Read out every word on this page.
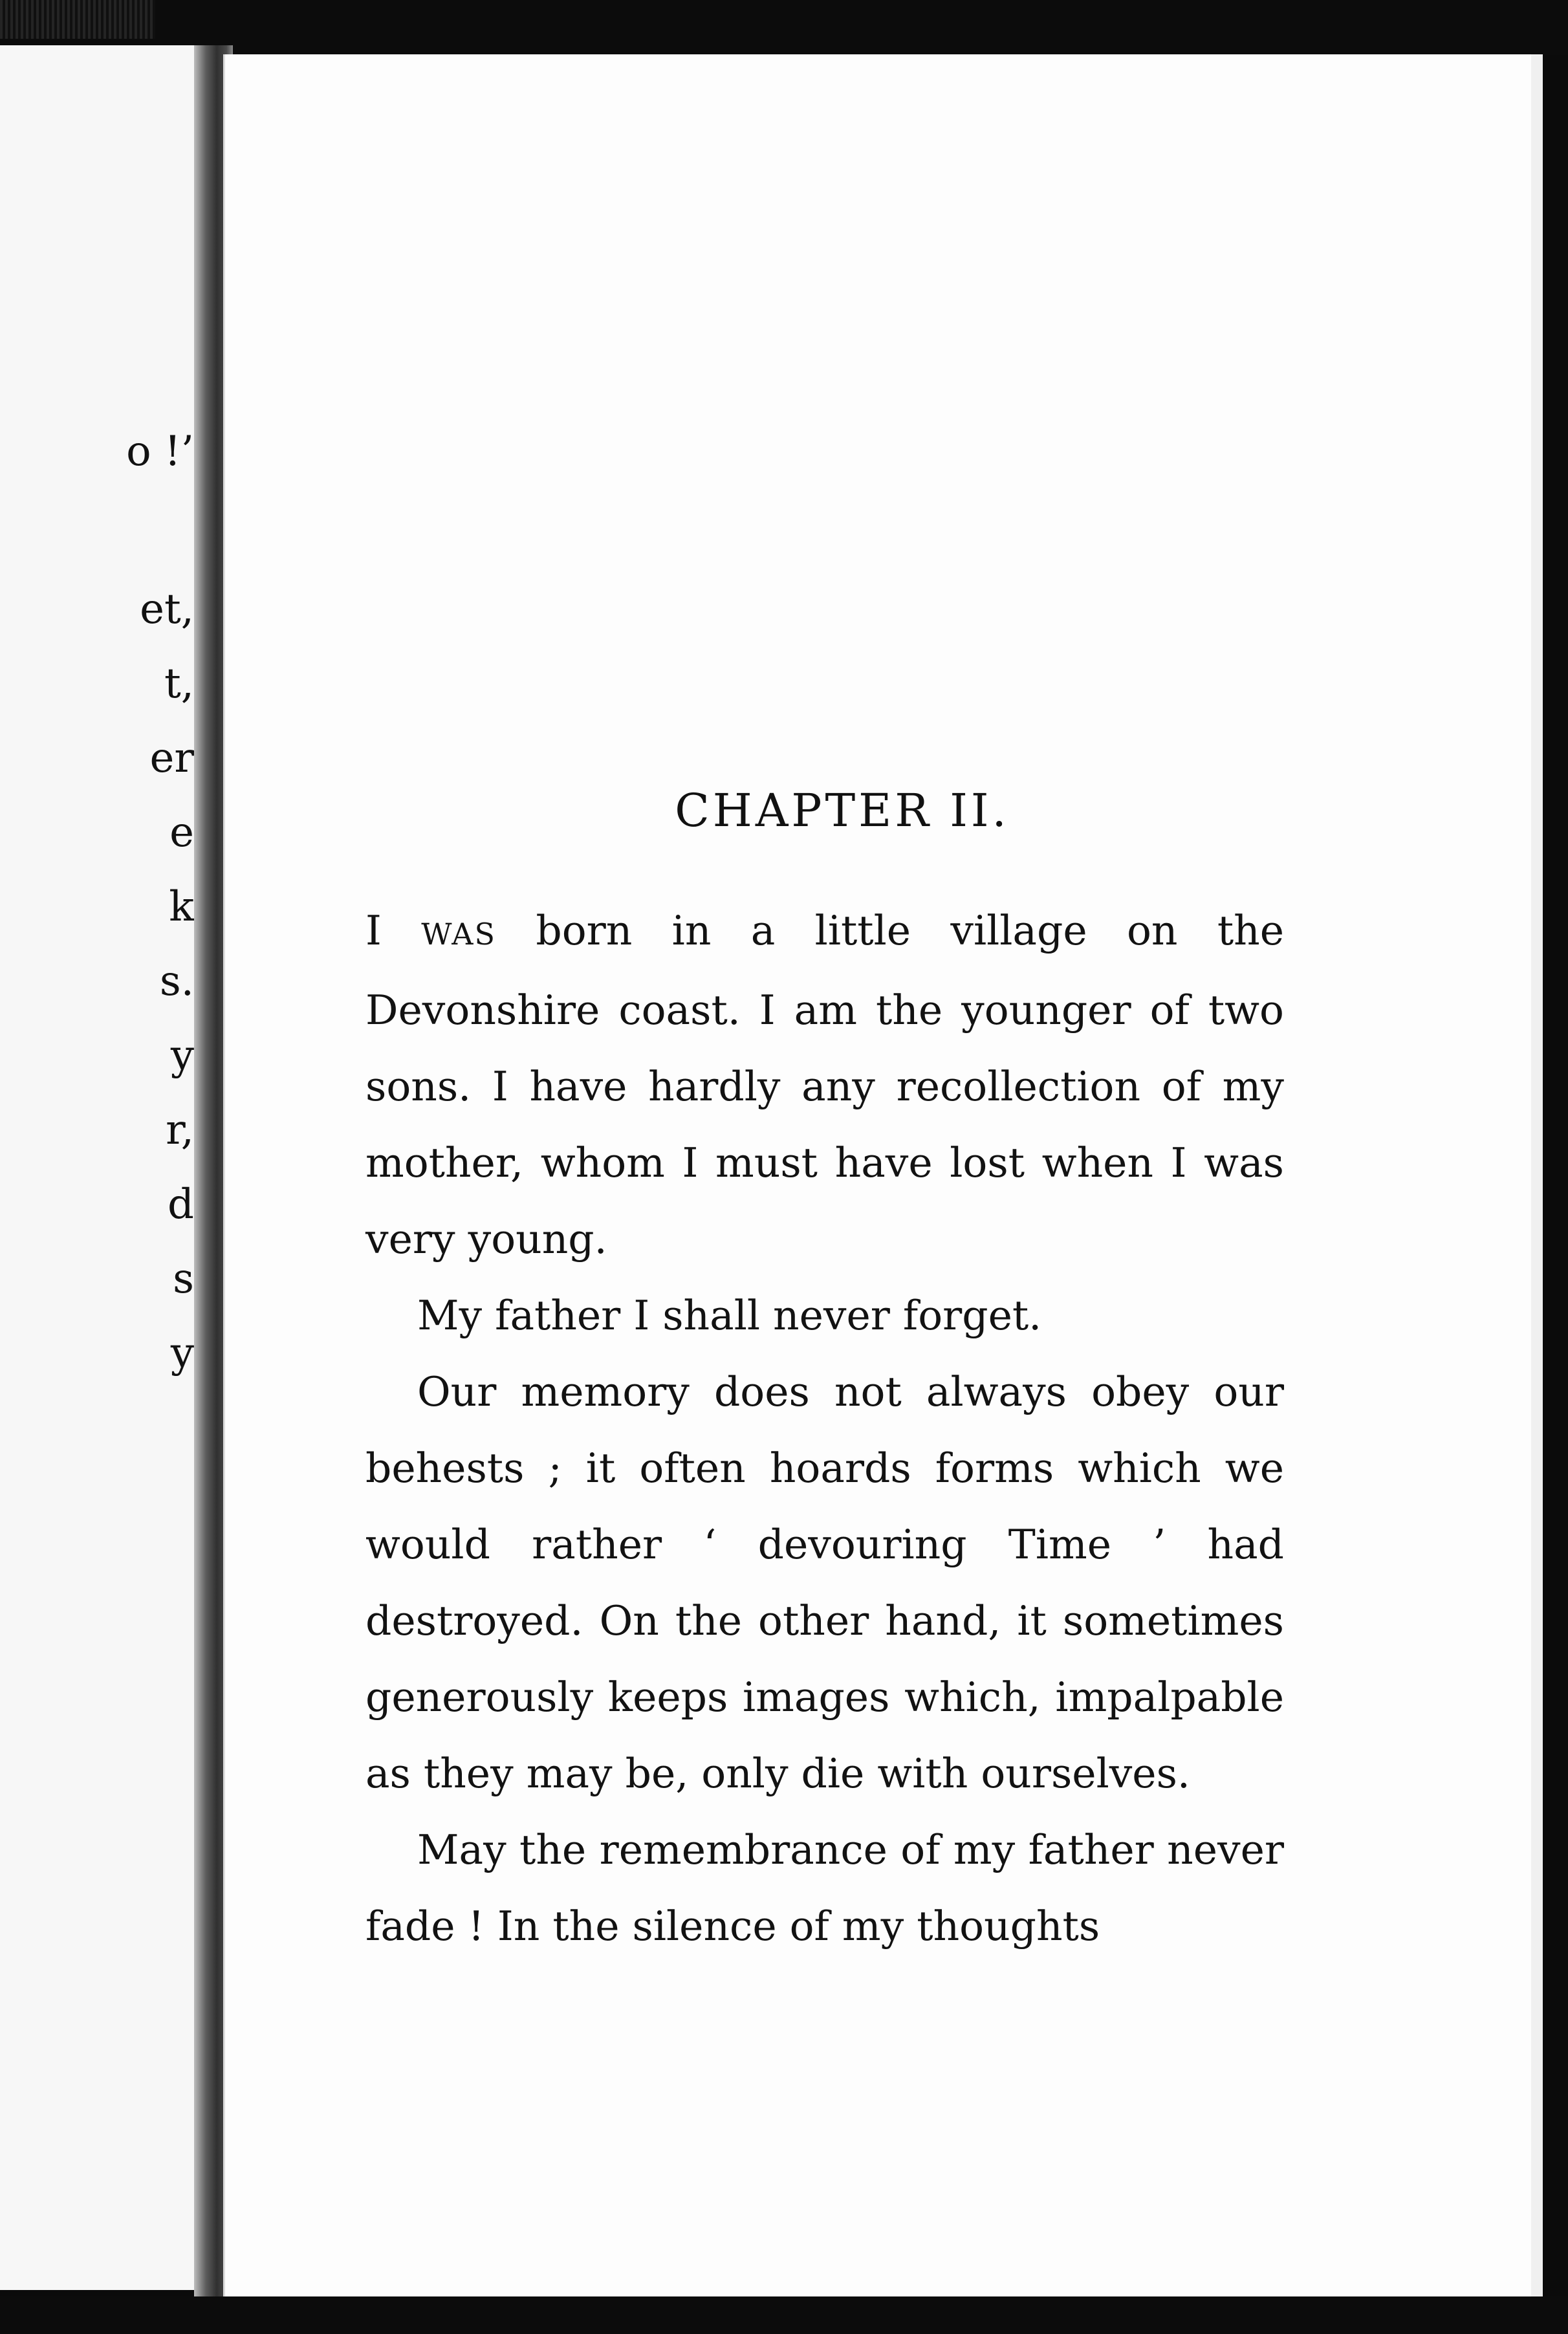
o !’

et,

t,

er

e

k

s.

y

r,

d

s

y

CHAPTER II.

I WAS born in a little village on the Devonshire coast. I am the younger of two sons. I have hardly any recollection of my mother, whom I must have lost when I was very young.

My father I shall never forget.

Our memory does not always obey our behests ; it often hoards forms which we would rather ‘ devouring Time ’ had destroyed. On the other hand, it sometimes generously keeps images which, impalpable as they may be, only die with ourselves.

May the remembrance of my father never fade ! In the silence of my thoughts
